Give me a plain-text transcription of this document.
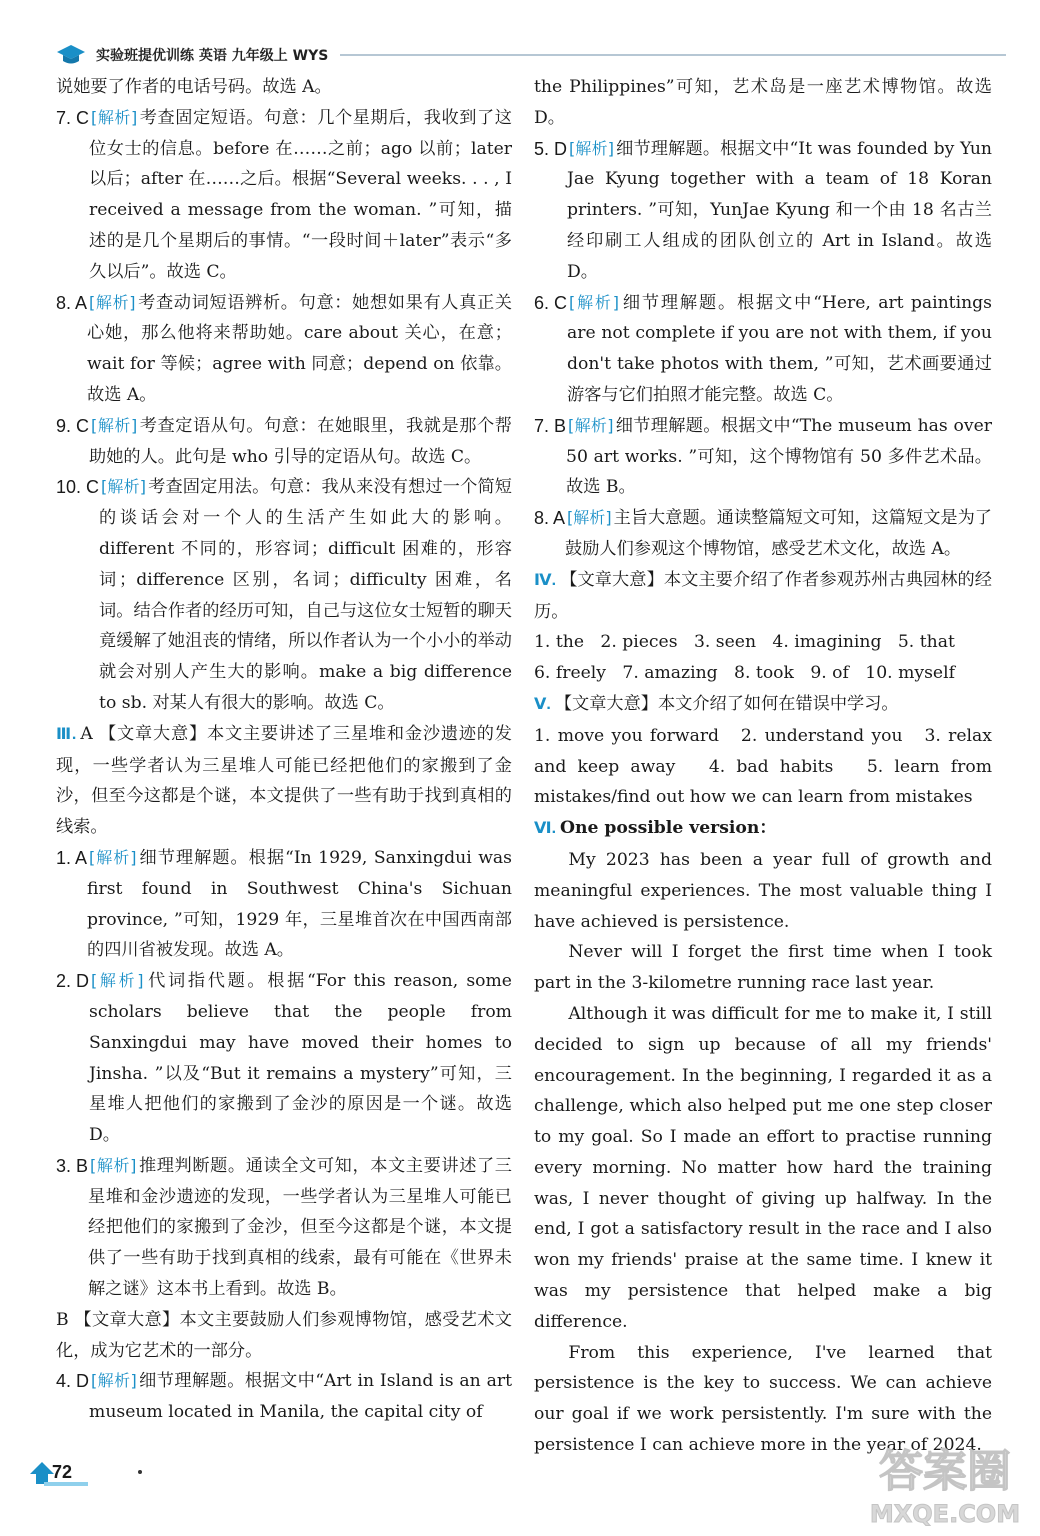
实验班提优训练 英语 九年级上 WYS

说她要了作者的电话号码。故选 A。

7. C [解析] 考查固定短语。句意：几个星期后，我收到了这位女士的信息。before 在……之前；ago 以前；later 以后；after 在……之后。根据“Several weeks. . . , I received a message from the woman. ”可知，描述的是几个星期后的事情。“一段时间＋later”表示“多久以后”。故选 C。
8. A [解析] 考查动词短语辨析。句意：她想如果有人真正关心她，那么他将来帮助她。care about 关心，在意；wait for 等候；agree with 同意；depend on 依靠。故选 A。
9. C [解析] 考查定语从句。句意：在她眼里，我就是那个帮助她的人。此句是 who 引导的定语从句。故选 C。
10. C [解析] 考查固定用法。句意：我从来没有想过一个简短的谈话会对一个人的生活产生如此大的影响。different 不同的，形容词；difficult 困难的，形容词；difference 区别，名词；difficulty 困难，名词。结合作者的经历可知，自己与这位女士短暂的聊天竟缓解了她沮丧的情绪，所以作者认为一个小小的举动就会对别人产生大的影响。make a big difference to sb. 对某人有很大的影响。故选 C。

Ⅲ. A 【文章大意】本文主要讲述了三星堆和金沙遗迹的发现，一些学者认为三星堆人可能已经把他们的家搬到了金沙，但至今这都是个谜，本文提供了一些有助于找到真相的线索。

1. A [解析] 细节理解题。根据“In 1929, Sanxingdui was first found in Southwest China's Sichuan province, ”可知，1929 年，三星堆首次在中国西南部的四川省被发现。故选 A。
2. D [解析] 代词指代题。根据“For this reason, some scholars believe that the people from Sanxingdui may have moved their homes to Jinsha. ”以及“But it remains a mystery”可知，三星堆人把他们的家搬到了金沙的原因是一个谜。故选 D。
3. B [解析] 推理判断题。通读全文可知，本文主要讲述了三星堆和金沙遗迹的发现，一些学者认为三星堆人可能已经把他们的家搬到了金沙，但至今这都是个谜，本文提供了一些有助于找到真相的线索，最有可能在《世界未解之谜》这本书上看到。故选 B。

B 【文章大意】本文主要鼓励人们参观博物馆，感受艺术文化，成为它艺术的一部分。

4. D [解析] 细节理解题。根据文中“Art in Island is an art museum located in Manila, the capital city of

the Philippines”可知，艺术岛是一座艺术博物馆。故选 D。

5. D [解析] 细节理解题。根据文中“It was founded by Yun Jae Kyung together with a team of 18 Koran printers. ”可知，YunJae Kyung 和一个由 18 名古兰经印刷工人组成的团队创立的 Art in Island。故选 D。
6. C [解析] 细节理解题。根据文中“Here, art paintings are not complete if you are not with them, if you don't take photos with them, ”可知，艺术画要通过游客与它们拍照才能完整。故选 C。
7. B [解析] 细节理解题。根据文中“The museum has over 50 art works. ”可知，这个博物馆有 50 多件艺术品。故选 B。
8. A [解析] 主旨大意题。通读整篇短文可知，这篇短文是为了鼓励人们参观这个博物馆，感受艺术文化，故选 A。

Ⅳ. 【文章大意】本文主要介绍了作者参观苏州古典园林的经历。

1. the   2. pieces   3. seen   4. imagining   5. that

6. freely   7. amazing   8. took   9. of   10. myself

Ⅴ. 【文章大意】本文介绍了如何在错误中学习。

1. move you forward   2. understand you   3. relax and keep away   4. bad habits   5. learn from mistakes/find out how we can learn from mistakes

Ⅵ. One possible version：

My 2023 has been a year full of growth and meaningful experiences. The most valuable thing I have achieved is persistence.

Never will I forget the first time when I took part in the 3-kilometre running race last year.

Although it was difficult for me to make it, I still decided to sign up because of all my friends' encouragement. In the beginning, I regarded it as a challenge, which also helped put me one step closer to my goal. So I made an effort to practise running every morning. No matter how hard the training was, I never thought of giving up halfway. In the end, I got a satisfactory result in the race and I also won my friends' praise at the same time. I knew it was my persistence that helped make a big difference.

From this experience, I've learned that persistence is the key to success. We can achieve our goal if we work persistently. I'm sure with the persistence I can achieve more in the year of 2024.

72	答案圈
MXQE.COM
